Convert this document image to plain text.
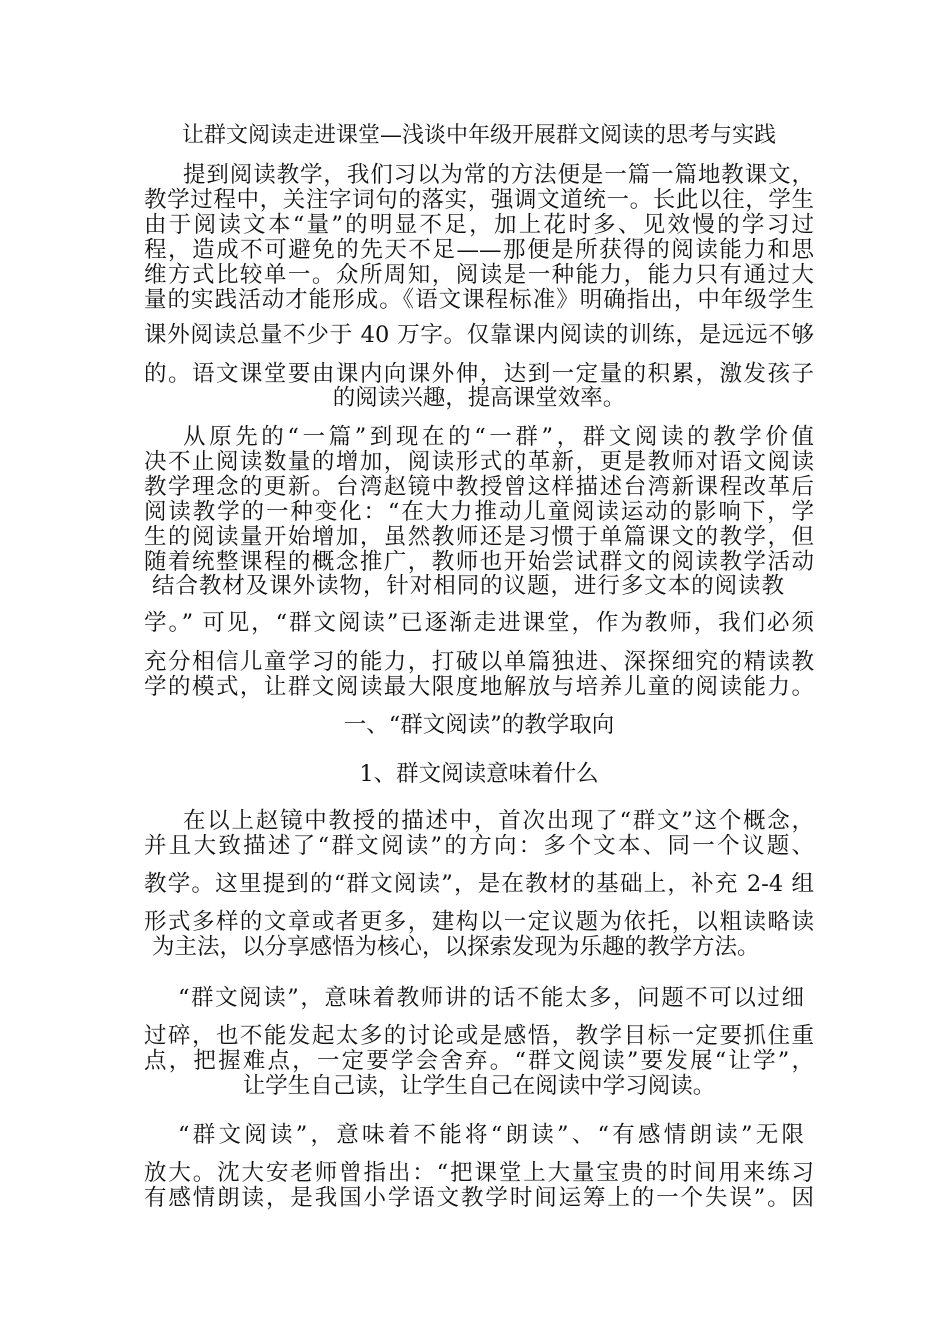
让群文阅读走进课堂—浅谈中年级开展群文阅读的思考与实践

提到阅读教学，我们习以为常的方法便是一篇一篇地教课文，

教学过程中，关注字词句的落实，强调文道统一。长此以往，学生

由于阅读文本“量”的明显不足，加上花时多、见效慢的学习过

程，造成不可避免的先天不足——那便是所获得的阅读能力和思

维方式比较单一。众所周知，阅读是一种能力，能力只有通过大

量的实践活动才能形成。《语文课程标准》明确指出，中年级学生

课外阅读总量不少于 40 万字。仅靠课内阅读的训练，是远远不够

的。语文课堂要由课内向课外伸，达到一定量的积累，激发孩子

的阅读兴趣，提高课堂效率。

从原先的“一篇”到现在的“一群”，群文阅读的教学价值

决不止阅读数量的增加，阅读形式的革新，更是教师对语文阅读

教学理念的更新。台湾赵镜中教授曾这样描述台湾新课程改革后

阅读教学的一种变化：“在大力推动儿童阅读运动的影响下，学

生的阅读量开始增加，虽然教师还是习惯于单篇课文的教学，但

随着统整课程的概念推广，教师也开始尝试群文的阅读教学活动

结合教材及课外读物，针对相同的议题，进行多文本的阅读教

学。” 可见，“群文阅读”已逐渐走进课堂，作为教师，我们必须

充分相信儿童学习的能力，打破以单篇独进、深探细究的精读教

学的模式，让群文阅读最大限度地解放与培养儿童的阅读能力。

一、“群文阅读”的教学取向

1、群文阅读意味着什么

在以上赵镜中教授的描述中，首次出现了“群文”这个概念，

并且大致描述了“群文阅读”的方向：多个文本、同一个议题、

教学。这里提到的“群文阅读”，是在教材的基础上，补充 2-4 组

形式多样的文章或者更多，建构以一定议题为依托，以粗读略读

为主法，以分享感悟为核心，以探索发现为乐趣的教学方法。

“群文阅读”，意味着教师讲的话不能太多，问题不可以过细

过碎，也不能发起太多的讨论或是感悟，教学目标一定要抓住重

点，把握难点，一定要学会舍弃。“群文阅读”要发展“让学”，

让学生自己读，让学生自己在阅读中学习阅读。

“群文阅读”，意味着不能将“朗读”、“有感情朗读”无限

放大。沈大安老师曾指出：“把课堂上大量宝贵的时间用来练习

有感情朗读，是我国小学语文教学时间运筹上的一个失误”。因
